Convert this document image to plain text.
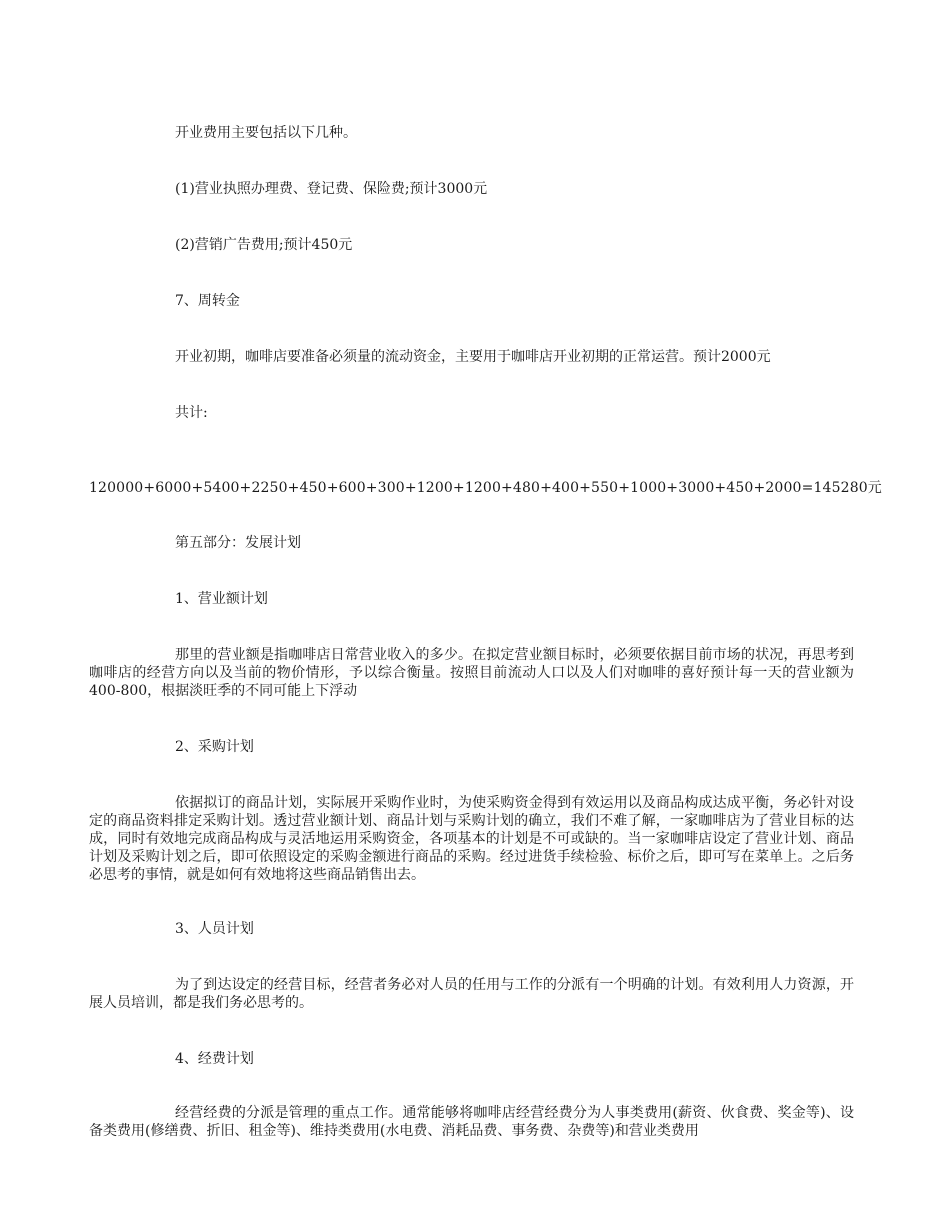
开业费用主要包括以下几种。
(1)营业执照办理费、登记费、保险费;预计3000元
(2)营销广告费用;预计450元
7、周转金
开业初期，咖啡店要准备必须量的流动资金，主要用于咖啡店开业初期的正常运营。预计2000元
共计:
120000+6000+5400+2250+450+600+300+1200+1200+480+400+550+1000+3000+450+2000=145280元
第五部分：发展计划
1、营业额计划

那里的营业额是指咖啡店日常营业收入的多少。在拟定营业额目标时，必须要依据目前市场的状况，再思考到咖啡店的经营方向以及当前的物价情形，予以综合衡量。按照目前流动人口以及人们对咖啡的喜好预计每一天的营业额为400-800，根据淡旺季的不同可能上下浮动

2、采购计划

依据拟订的商品计划，实际展开采购作业时，为使采购资金得到有效运用以及商品构成达成平衡，务必针对设定的商品资料排定采购计划。透过营业额计划、商品计划与采购计划的确立，我们不难了解，一家咖啡店为了营业目标的达成，同时有效地完成商品构成与灵活地运用采购资金，各项基本的计划是不可或缺的。当一家咖啡店设定了营业计划、商品计划及采购计划之后，即可依照设定的采购金额进行商品的采购。经过进货手续检验、标价之后，即可写在菜单上。之后务必思考的事情，就是如何有效地将这些商品销售出去。

3、人员计划

为了到达设定的经营目标，经营者务必对人员的任用与工作的分派有一个明确的计划。有效利用人力资源，开展人员培训，都是我们务必思考的。

4、经费计划

经营经费的分派是管理的重点工作。通常能够将咖啡店经营经费分为人事类费用(薪资、伙食费、奖金等)、设备类费用(修缮费、折旧、租金等)、维持类费用(水电费、消耗品费、事务费、杂费等)和营业类费用
